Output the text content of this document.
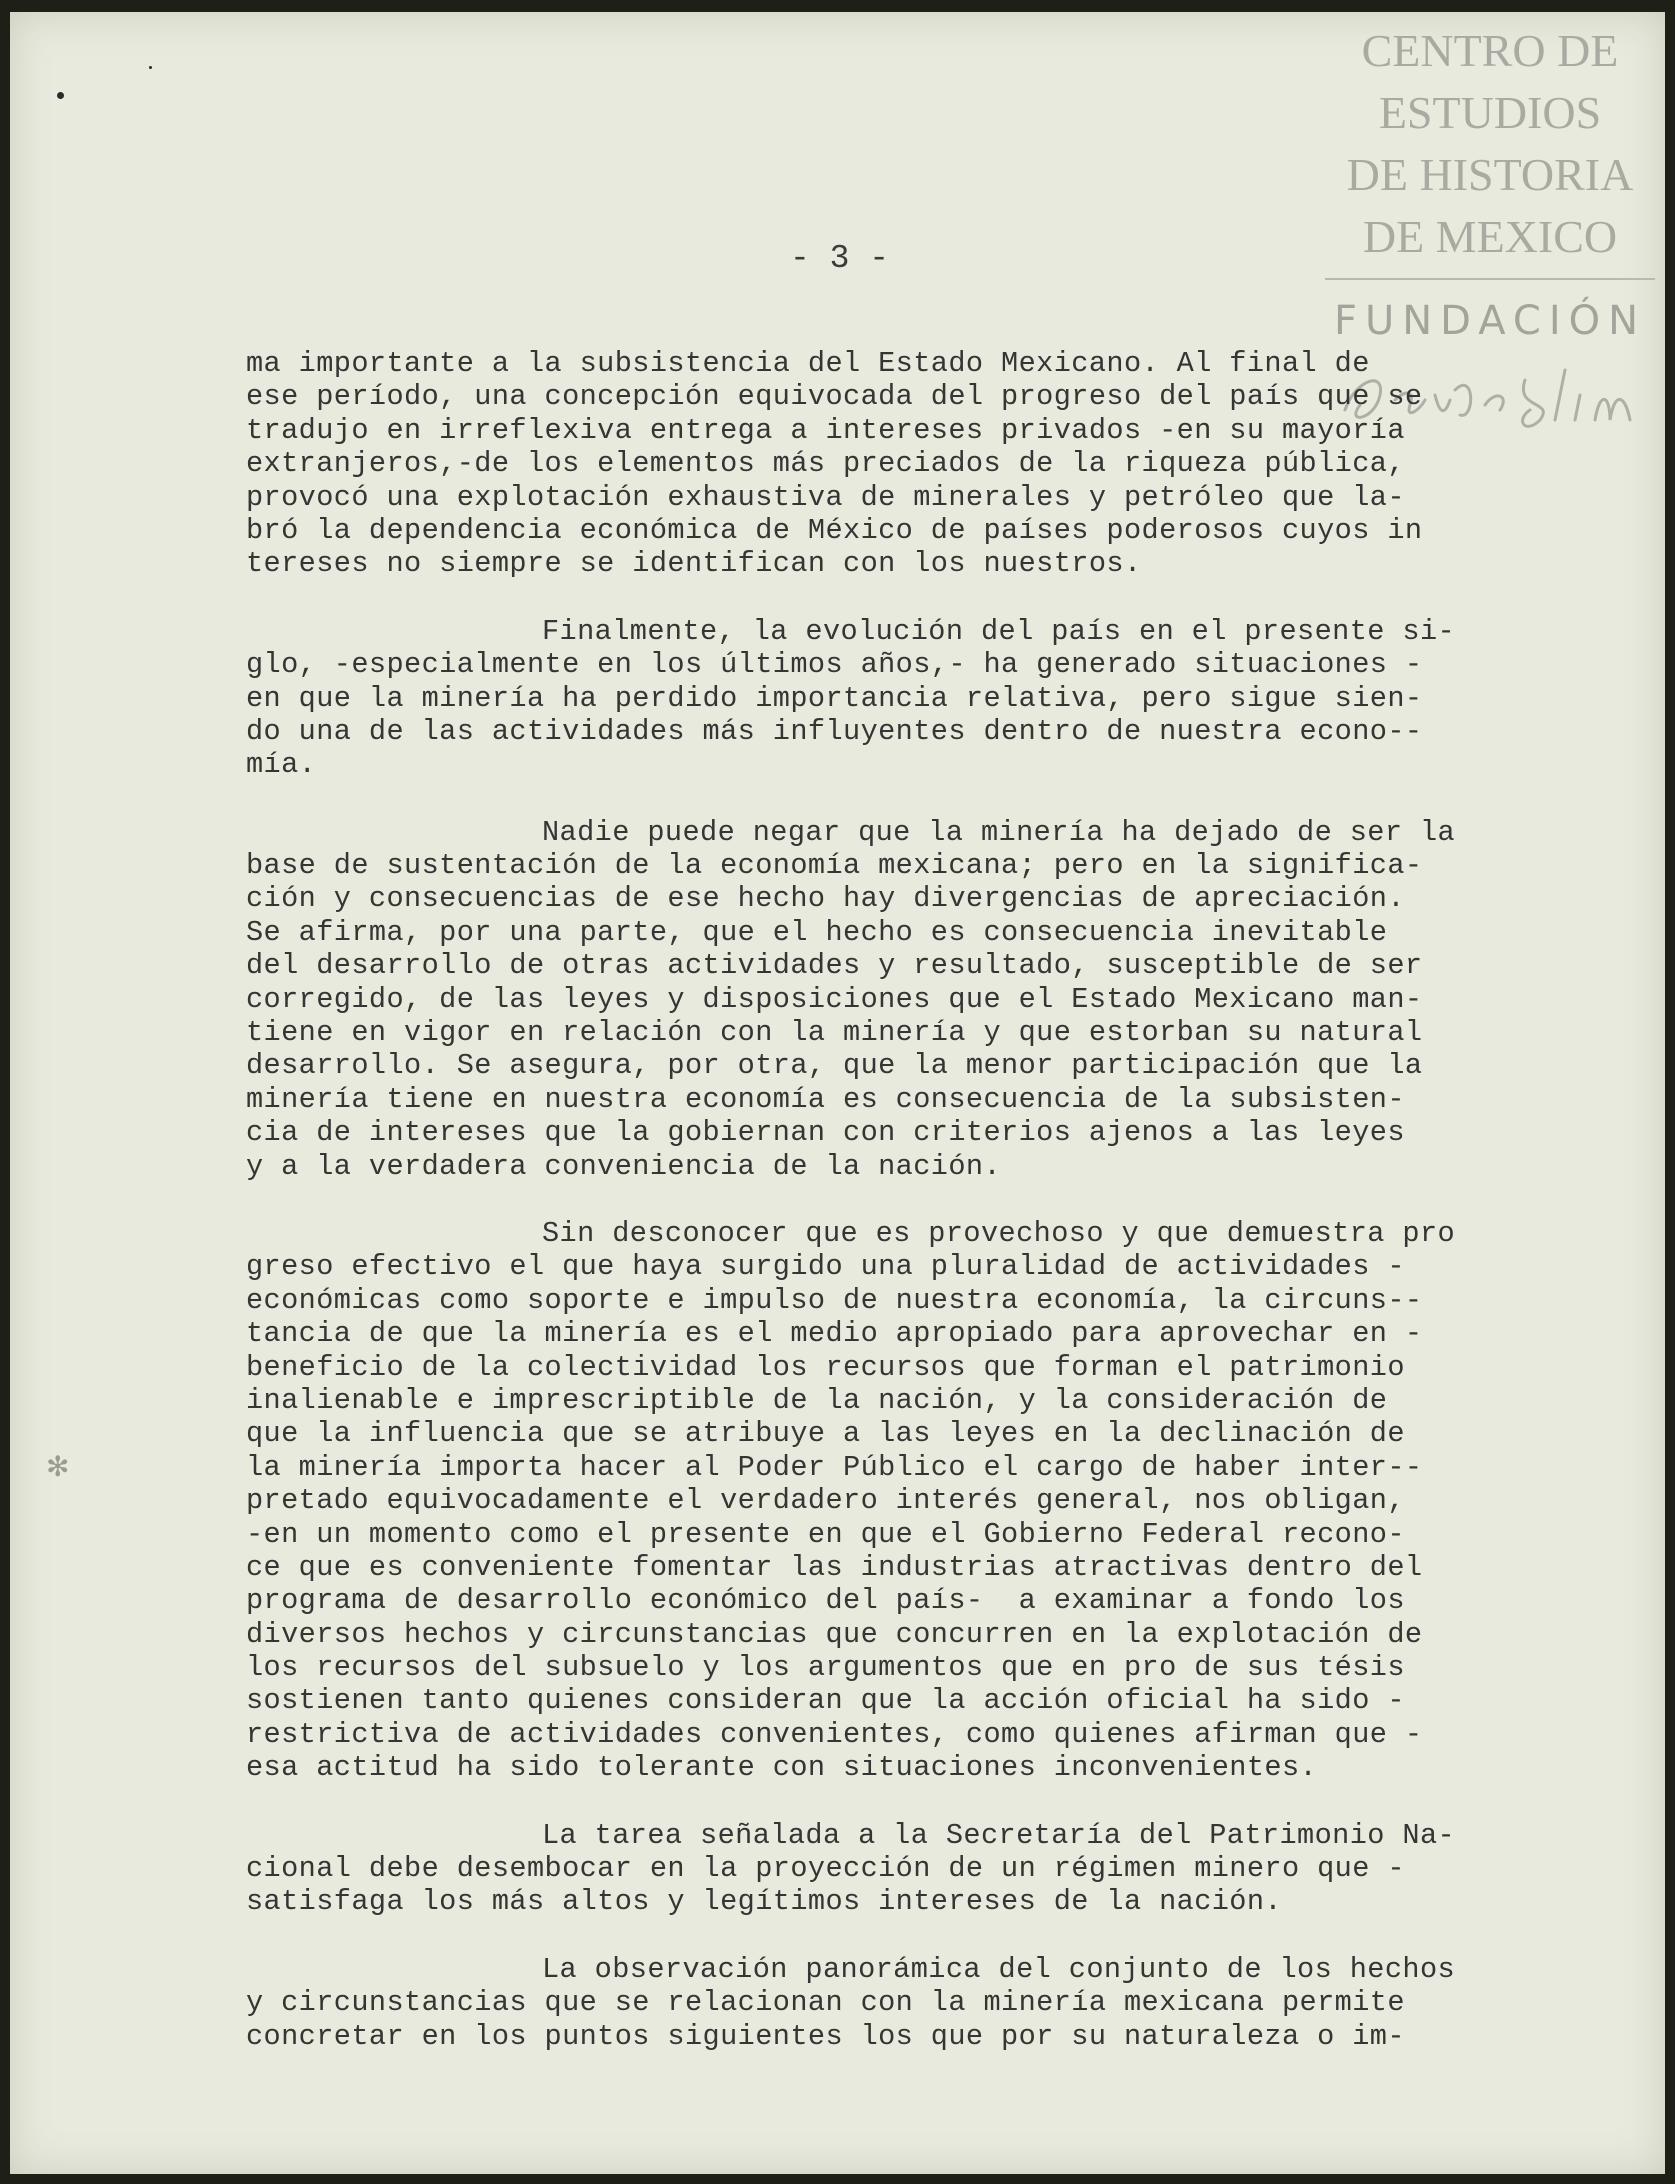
✻
CENTRO DE
ESTUDIOS
DE HISTORIA
DE MEXICO
FUNDACIÓN
- 3 -
ma importante a la subsistencia del Estado Mexicano. Al final de
ese período, una concepción equivocada del progreso del país que se
tradujo en irreflexiva entrega a intereses privados -en su mayoría
extranjeros,-de los elementos más preciados de la riqueza pública,
provocó una explotación exhaustiva de minerales y petróleo que la-
bró la dependencia económica de México de países poderosos cuyos in
tereses no siempre se identifican con los nuestros.
Finalmente, la evolución del país en el presente si-
glo, -especialmente en los últimos años,- ha generado situaciones -
en que la minería ha perdido importancia relativa, pero sigue sien-
do una de las actividades más influyentes dentro de nuestra econo--
mía.
Nadie puede negar que la minería ha dejado de ser la
base de sustentación de la economía mexicana; pero en la significa-
ción y consecuencias de ese hecho hay divergencias de apreciación.
Se afirma, por una parte, que el hecho es consecuencia inevitable
del desarrollo de otras actividades y resultado, susceptible de ser
corregido, de las leyes y disposiciones que el Estado Mexicano man-
tiene en vigor en relación con la minería y que estorban su natural
desarrollo. Se asegura, por otra, que la menor participación que la
minería tiene en nuestra economía es consecuencia de la subsisten-
cia de intereses que la gobiernan con criterios ajenos a las leyes
y a la verdadera conveniencia de la nación.
Sin desconocer que es provechoso y que demuestra pro
greso efectivo el que haya surgido una pluralidad de actividades -
económicas como soporte e impulso de nuestra economía, la circuns--
tancia de que la minería es el medio apropiado para aprovechar en -
beneficio de la colectividad los recursos que forman el patrimonio
inalienable e imprescriptible de la nación, y la consideración de
que la influencia que se atribuye a las leyes en la declinación de
la minería importa hacer al Poder Público el cargo de haber inter--
pretado equivocadamente el verdadero interés general, nos obligan,
-en un momento como el presente en que el Gobierno Federal recono-
ce que es conveniente fomentar las industrias atractivas dentro del
programa de desarrollo económico del país-  a examinar a fondo los
diversos hechos y circunstancias que concurren en la explotación de
los recursos del subsuelo y los argumentos que en pro de sus tésis
sostienen tanto quienes consideran que la acción oficial ha sido -
restrictiva de actividades convenientes, como quienes afirman que -
esa actitud ha sido tolerante con situaciones inconvenientes.
La tarea señalada a la Secretaría del Patrimonio Na-
cional debe desembocar en la proyección de un régimen minero que -
satisfaga los más altos y legítimos intereses de la nación.
La observación panorámica del conjunto de los hechos
y circunstancias que se relacionan con la minería mexicana permite
concretar en los puntos siguientes los que por su naturaleza o im-
